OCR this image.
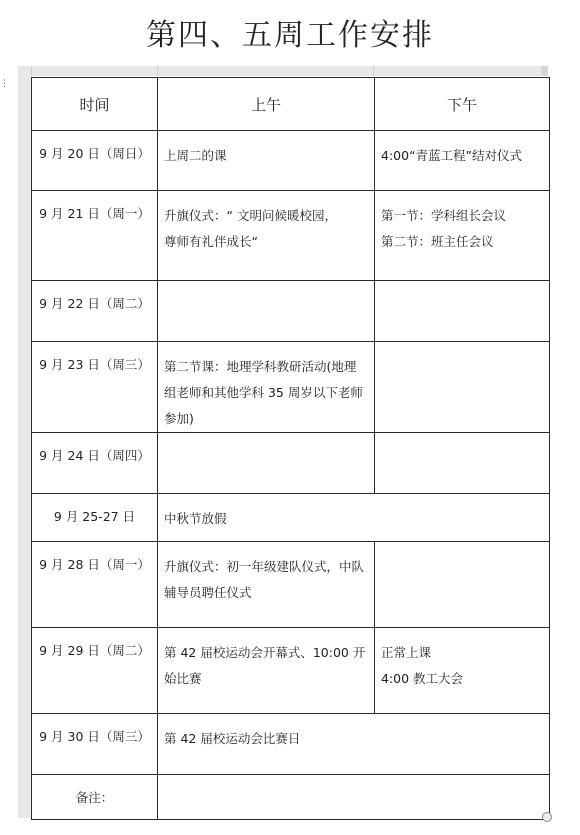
第四、五周工作安排
⋮
时间	上午	下午

9 月 20 日（周日）	上周二的课	4:00“青蓝工程”结对仪式

9 月 21 日（周一）	升旗仪式：“ 文明问候暖校园，
尊师有礼伴成长“	第一节：学科组长会议
第二节：班主任会议

9 月 22 日（周二）		

9 月 23 日（周三）	第二节课：地理学科教研活动(地理
组老师和其他学科 35 周岁以下老师
参加)	

9 月 24 日（周四）		

9 月 25-27 日	中秋节放假	

9 月 28 日（周一）	升旗仪式：初一年级建队仪式，中队
辅导员聘任仪式	

9 月 29 日（周二）	第 42 届校运动会开幕式、10:00 开
始比赛	正常上课
4:00 教工大会

9 月 30 日（周三）	第 42 届校运动会比赛日	

备注：		
